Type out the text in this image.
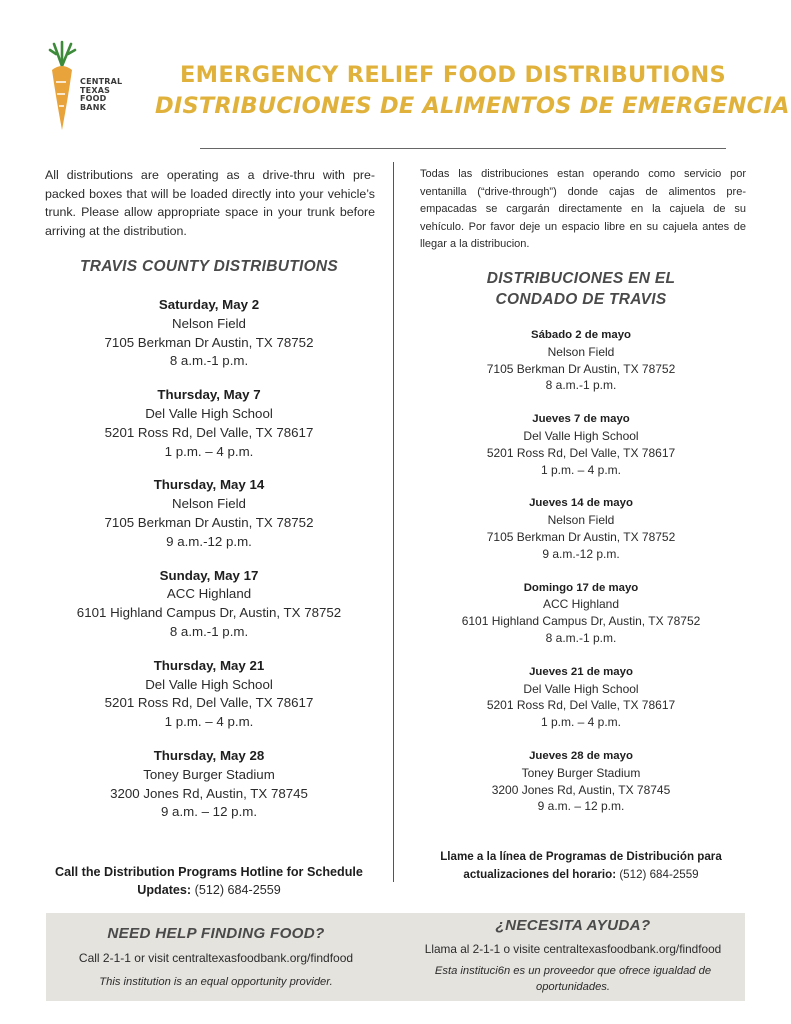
CENTRAL
TEXAS
FOOD
BANK
EMERGENCY RELIEF FOOD DISTRIBUTIONS
DISTRIBUCIONES DE ALIMENTOS DE EMERGENCIA
All distributions are operating as a drive-thru with pre-packed boxes that will be loaded directly into your vehicle’s trunk. Please allow appropriate space in your trunk before arriving at the distribution.
Todas las distribuciones estan operando como servicio por ventanilla (“drive-through”) donde cajas de alimentos pre-empacadas se cargarán directamente en la cajuela de su vehículo. Por favor deje un espacio libre en su cajuela antes de llegar a la distribucion.
TRAVIS COUNTY DISTRIBUTIONS
Saturday, May 2
Nelson Field
7105 Berkman Dr Austin, TX 78752
8 a.m.-1 p.m.
Thursday, May 7
Del Valle High School
5201 Ross Rd, Del Valle, TX 78617
1 p.m. – 4 p.m.
Thursday, May 14
Nelson Field
7105 Berkman Dr Austin, TX 78752
9 a.m.-12 p.m.
Sunday, May 17
ACC Highland
6101 Highland Campus Dr, Austin, TX 78752
8 a.m.-1 p.m.
Thursday, May 21
Del Valle High School
5201 Ross Rd, Del Valle, TX 78617
1 p.m. – 4 p.m.
Thursday, May 28
Toney Burger Stadium
3200 Jones Rd, Austin, TX 78745
9 a.m. – 12 p.m.
Call the Distribution Programs Hotline for Schedule Updates: (512) 684-2559
DISTRIBUCIONES EN EL
CONDADO DE TRAVIS
Sábado 2 de mayo
Nelson Field
7105 Berkman Dr Austin, TX 78752
8 a.m.-1 p.m.
Jueves 7 de mayo
Del Valle High School
5201 Ross Rd, Del Valle, TX 78617
1 p.m. – 4 p.m.
Jueves 14 de mayo
Nelson Field
7105 Berkman Dr Austin, TX 78752
9 a.m.-12 p.m.
Domingo 17 de mayo
ACC Highland
6101 Highland Campus Dr, Austin, TX 78752
8 a.m.-1 p.m.
Jueves 21 de mayo
Del Valle High School
5201 Ross Rd, Del Valle, TX 78617
1 p.m. – 4 p.m.
Jueves 28 de mayo
Toney Burger Stadium
3200 Jones Rd, Austin, TX 78745
9 a.m. – 12 p.m.
Llame a la línea de Programas de Distribución para
actualizaciones del horario: (512) 684-2559
NEED HELP FINDING FOOD?
Call 2-1-1 or visit centraltexasfoodbank.org/findfood
This institution is an equal opportunity provider.
¿NECESITA AYUDA?
Llama al 2-1-1 o visite centraltexasfoodbank.org/findfood
Esta instituci6n es un proveedor que ofrece igualdad de oportunidades.
